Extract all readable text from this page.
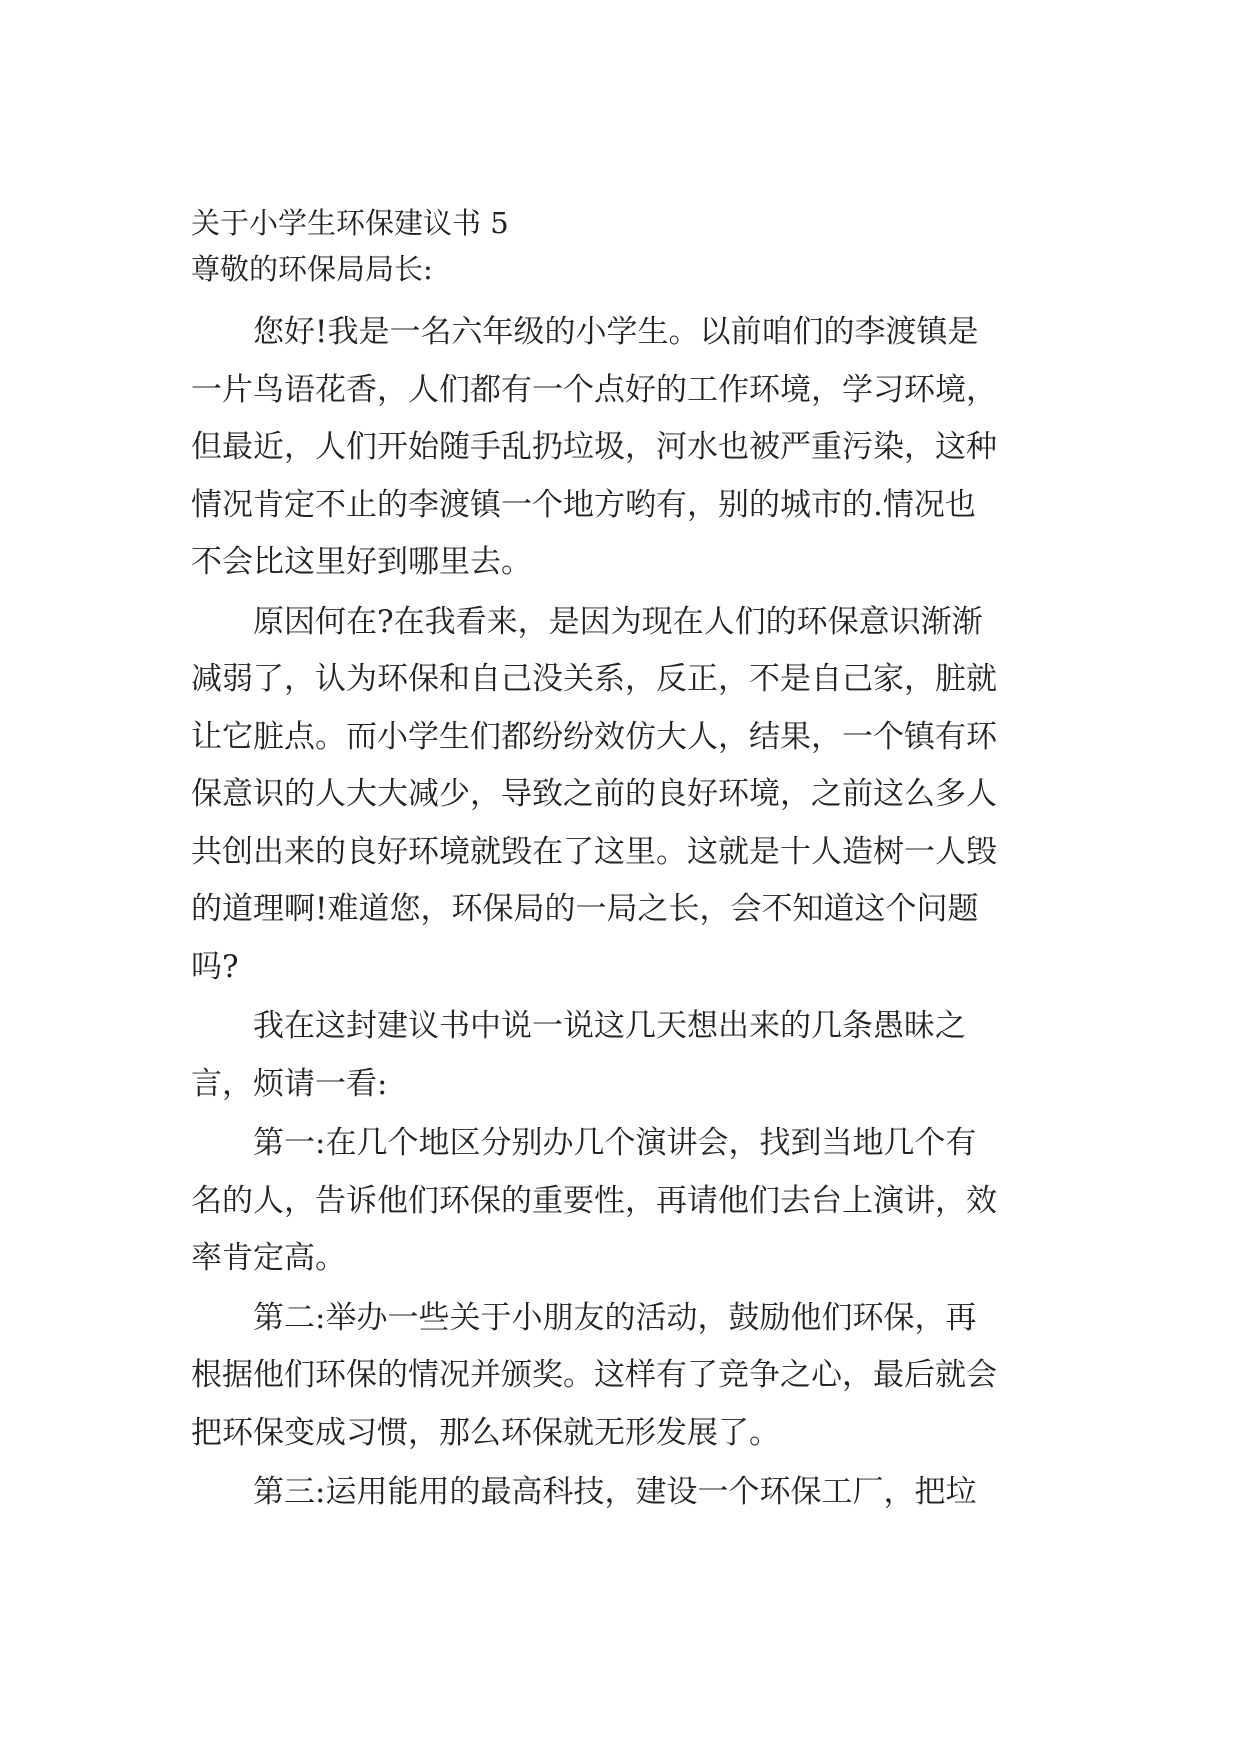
关于小学生环保建议书 5
尊敬的环保局局长:
您好!我是一名六年级的小学生。以前咱们的李渡镇是
一片鸟语花香，人们都有一个点好的工作环境，学习环境，
但最近，人们开始随手乱扔垃圾，河水也被严重污染，这种
情况肯定不止的李渡镇一个地方哟有，别的城市的.情况也
不会比这里好到哪里去。
原因何在?在我看来，是因为现在人们的环保意识渐渐
减弱了，认为环保和自己没关系，反正，不是自己家，脏就
让它脏点。而小学生们都纷纷效仿大人，结果，一个镇有环
保意识的人大大减少，导致之前的良好环境，之前这么多人
共创出来的良好环境就毁在了这里。这就是十人造树一人毁
的道理啊!难道您，环保局的一局之长，会不知道这个问题
吗?
我在这封建议书中说一说这几天想出来的几条愚昧之
言，烦请一看:
第一:在几个地区分别办几个演讲会，找到当地几个有
名的人，告诉他们环保的重要性，再请他们去台上演讲，效
率肯定高。
第二:举办一些关于小朋友的活动，鼓励他们环保，再
根据他们环保的情况并颁奖。这样有了竞争之心，最后就会
把环保变成习惯，那么环保就无形发展了。
第三:运用能用的最高科技，建设一个环保工厂，把垃
